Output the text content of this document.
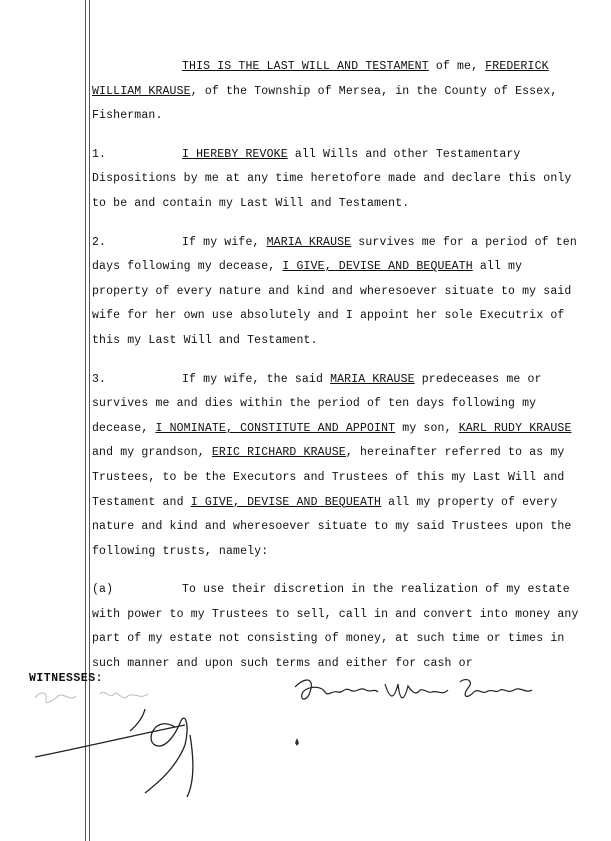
THIS IS THE LAST WILL AND TESTAMENT of me, FREDERICK WILLIAM KRAUSE, of the Township of Mersea, in the County of Essex, Fisherman.

1.	I HEREBY REVOKE all Wills and other Testamentary Dispositions by me at any time heretofore made and declare this only to be and contain my Last Will and Testament.

2.	If my wife, MARIA KRAUSE survives me for a period of ten days following my decease, I GIVE, DEVISE AND BEQUEATH all my property of every nature and kind and wheresoever situate to my said wife for her own use absolutely and I appoint her sole Executrix of this my Last Will and Testament.

3.	If my wife, the said MARIA KRAUSE predeceases me or survives me and dies within the period of ten days following my decease, I NOMINATE, CONSTITUTE AND APPOINT my son, KARL RUDY KRAUSE and my grandson, ERIC RICHARD KRAUSE, hereinafter referred to as my Trustees, to be the Executors and Trustees of this my Last Will and Testament and I GIVE, DEVISE AND BEQUEATH all my property of every nature and kind and wheresoever situate to my said Trustees upon the following trusts, namely:

(a)	To use their discretion in the realization of my estate with power to my Trustees to sell, call in and convert into money any part of my estate not consisting of money, at such time or times in such manner and upon such terms and either for cash or

WITNESSES:
